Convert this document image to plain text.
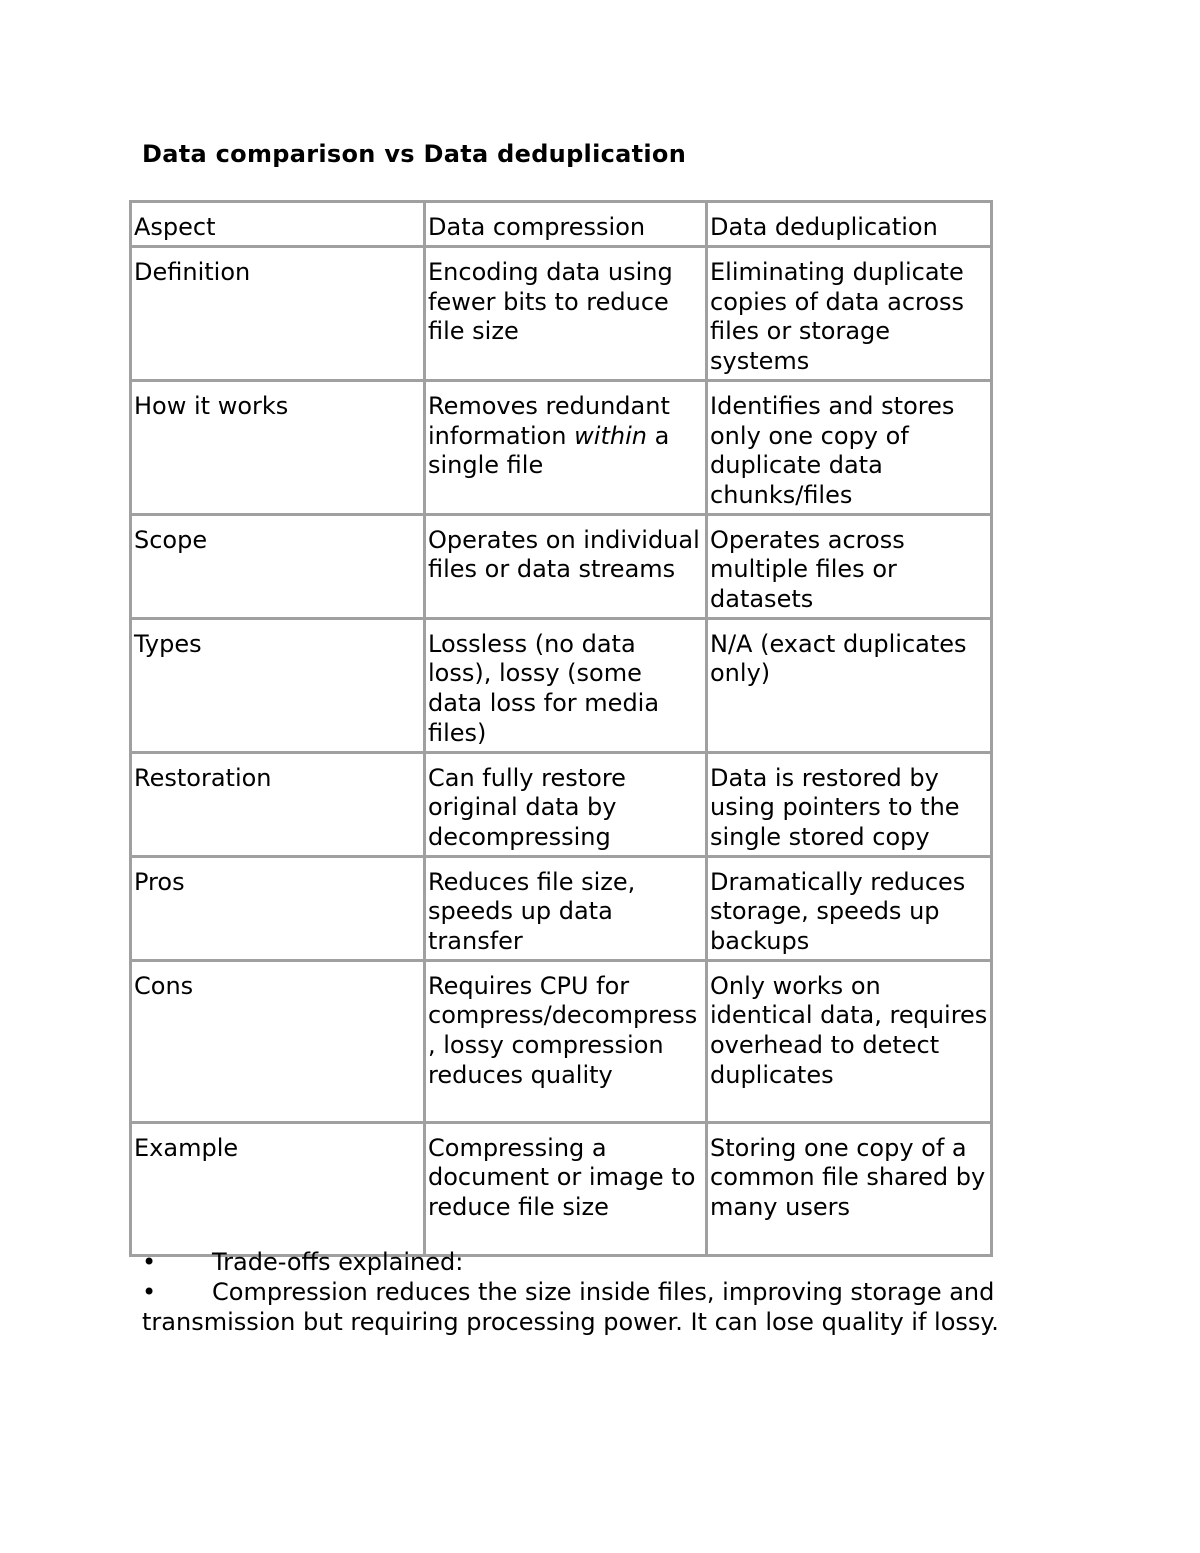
Data comparison vs Data deduplication
Aspect	Data compression	Data deduplication
Definition	Encoding data using fewer bits to reduce file size	Eliminating duplicate copies of data across files or storage systems
How it works	Removes redundant information within a single file	Identifies and stores only one copy of duplicate data chunks/files
Scope	Operates on individual files or data streams	Operates across multiple files or datasets
Types	Lossless (no data loss), lossy (some data loss for media files)	N/A (exact duplicates only)
Restoration	Can fully restore original data by decompressing	Data is restored by using pointers to the single stored copy
Pros	Reduces file size, speeds up data transfer	Dramatically reduces storage, speeds up backups
Cons	Requires CPU for compress/decompress, lossy compression reduces quality	Only works on identical data, requires overhead to detect duplicates
Example	Compressing a document or image to reduce file size	Storing one copy of a common file shared by many users

• Trade-offs explained:

• Compression reduces the size inside files, improving storage and transmission but requiring processing power. It can lose quality if lossy.
